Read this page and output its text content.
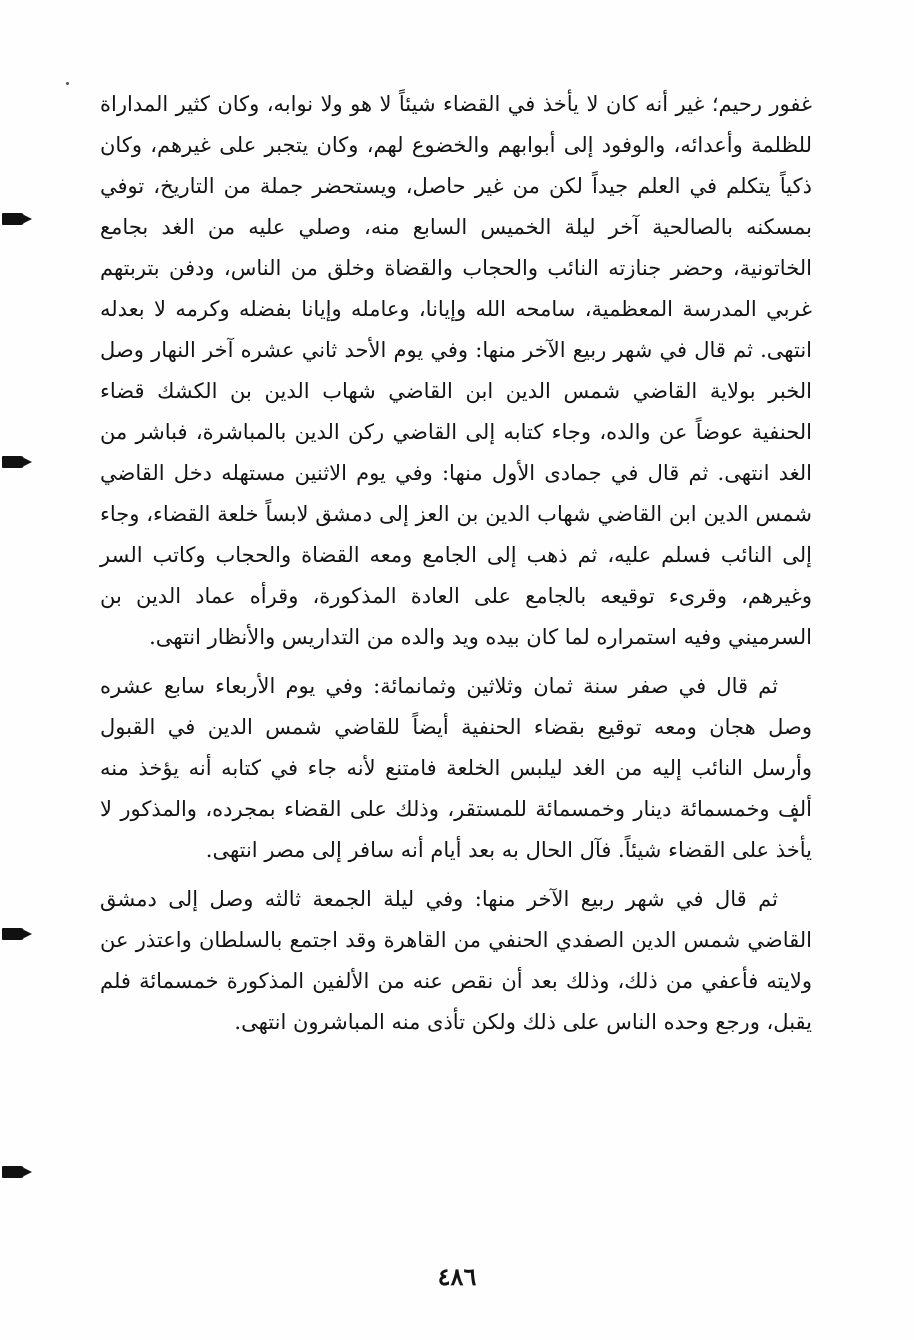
غفور رحيم؛ غير أنه كان لا يأخذ في القضاء شيئاً لا هو ولا نوابه، وكان كثير المداراة للظلمة وأعدائه، والوفود إلى أبوابهم والخضوع لهم، وكان يتجبر على غيرهم، وكان ذكياً يتكلم في العلم جيداً لكن من غير حاصل، ويستحضر جملة من التاريخ، توفي بمسكنه بالصالحية آخر ليلة الخميس السابع منه، وصلي عليه من الغد بجامع الخاتونية، وحضر جنازته النائب والحجاب والقضاة وخلق من الناس، ودفن بتربتهم غربي المدرسة المعظمية، سامحه الله وإيانا، وعامله وإيانا بفضله وكرمه لا بعدله انتهى. ثم قال في شهر ربيع الآخر منها: وفي يوم الأحد ثاني عشره آخر النهار وصل الخبر بولاية القاضي شمس الدين ابن القاضي شهاب الدين بن الكشك قضاء الحنفية عوضاً عن والده، وجاء كتابه إلى القاضي ركن الدين بالمباشرة، فباشر من الغد انتهى. ثم قال في جمادى الأول منها: وفي يوم الاثنين مستهله دخل القاضي شمس الدين ابن القاضي شهاب الدين بن العز إلى دمشق لابساً خلعة القضاء، وجاء إلى النائب فسلم عليه، ثم ذهب إلى الجامع ومعه القضاة والحجاب وكاتب السر وغيرهم، وقرىء توقيعه بالجامع على العادة المذكورة، وقرأه عماد الدين بن السرميني وفيه استمراره لما كان بيده ويد والده من التداريس والأنظار انتهى.

ثم قال في صفر سنة ثمان وثلاثين وثمانمائة: وفي يوم الأربعاء سابع عشره وصل هجان ومعه توقيع بقضاء الحنفية أيضاً للقاضي شمس الدين في القبول وأرسل النائب إليه من الغد ليلبس الخلعة فامتنع لأنه جاء في كتابه أنه يؤخذ منه ألف وخمسمائة دينار وخمسمائة للمستقر، وذلك على القضاء بمجرده، والمذكور لا يأخذ على القضاء شيئاً. فآل الحال به بعد أيام أنه سافر إلى مصر انتهى.

ثم قال في شهر ربيع الآخر منها: وفي ليلة الجمعة ثالثه وصل إلى دمشق القاضي شمس الدين الصفدي الحنفي من القاهرة وقد اجتمع بالسلطان واعتذر عن ولايته فأعفي من ذلك، وذلك بعد أن نقص عنه من الألفين المذكورة خمسمائة فلم يقبل، ورجع وحده الناس على ذلك ولكن تأذى منه المباشرون انتهى.

٤٨٦
